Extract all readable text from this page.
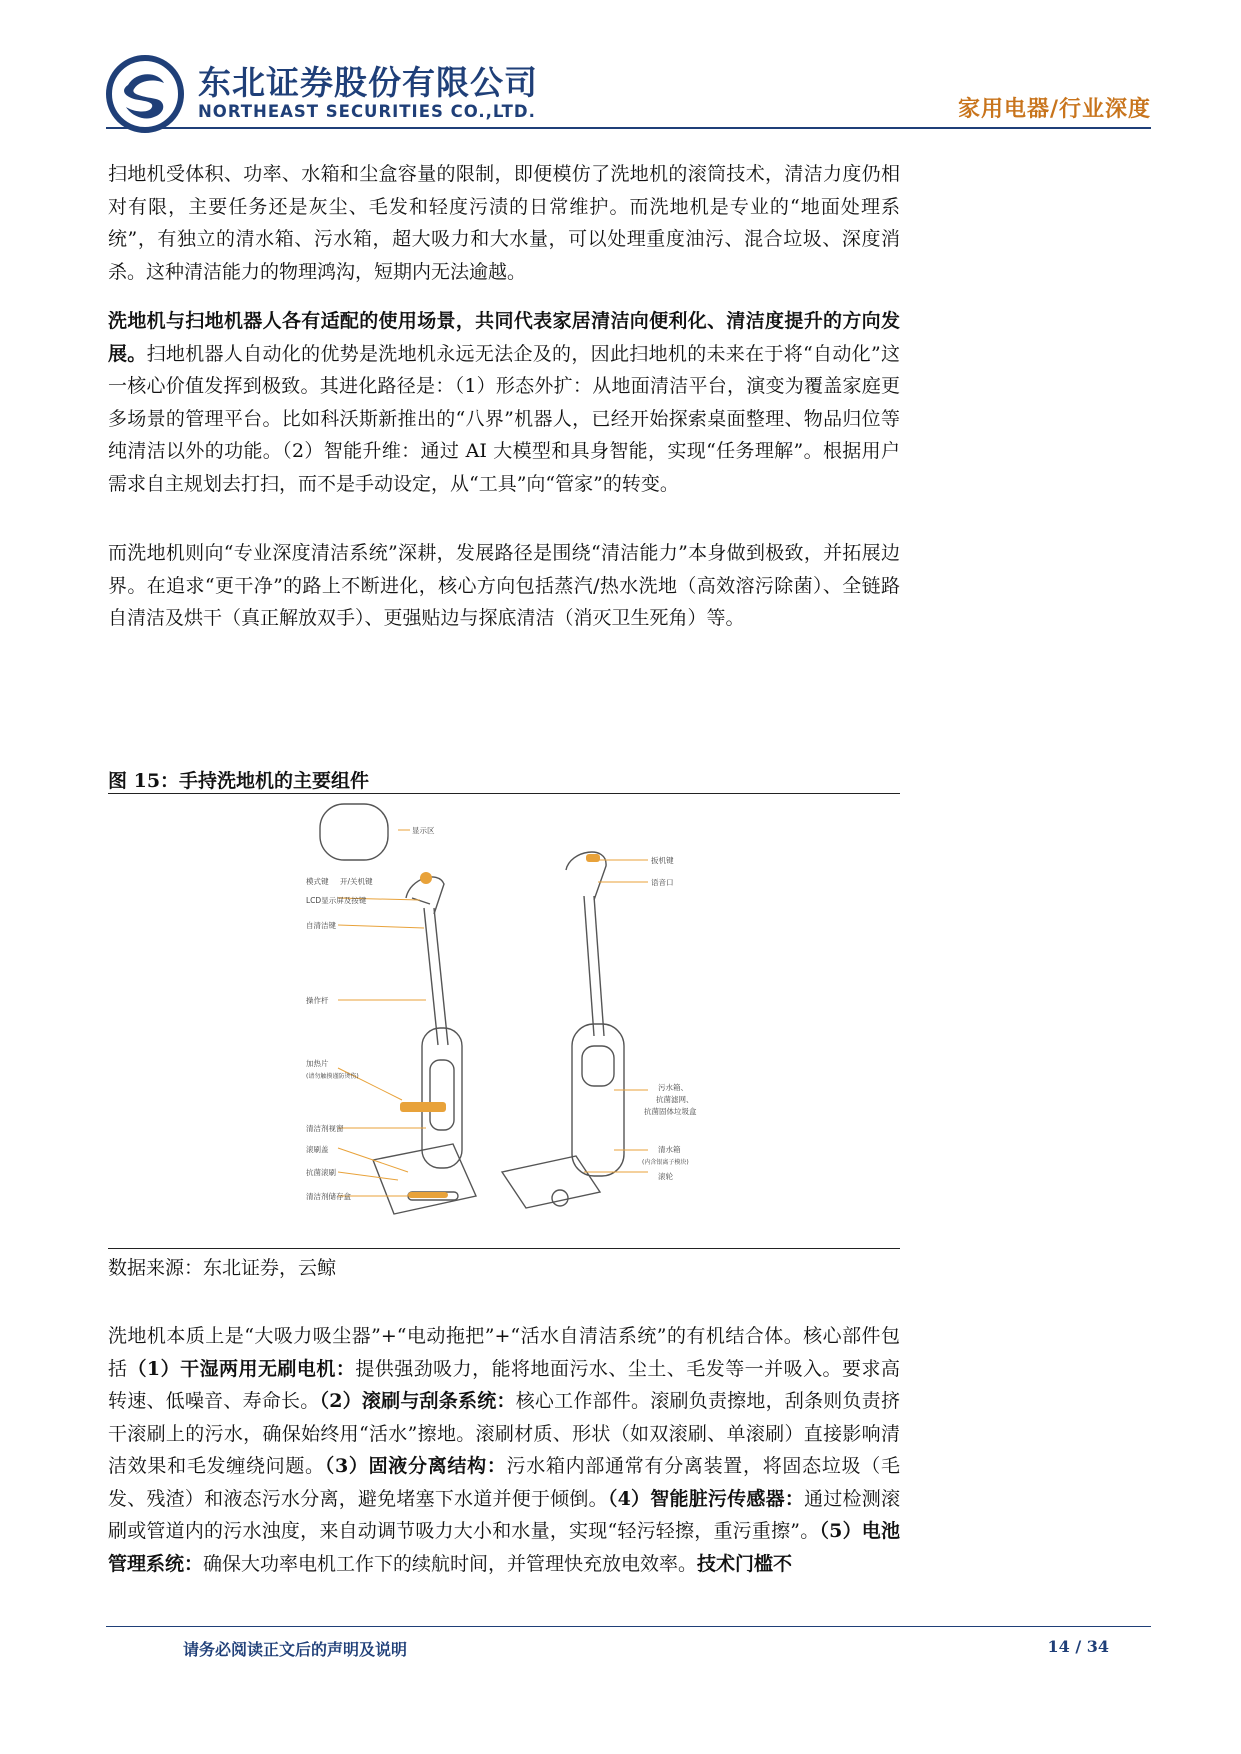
东北证券股份有限公司
NORTHEAST SECURITIES CO.,LTD.	家用电器/行业深度

扫地机受体积、功率、水箱和尘盒容量的限制，即便模仿了洗地机的滚筒技术，清洁力度仍相对有限，主要任务还是灰尘、毛发和轻度污渍的日常维护。而洗地机是专业的“地面处理系统”，有独立的清水箱、污水箱，超大吸力和大水量，可以处理重度油污、混合垃圾、深度消杀。这种清洁能力的物理鸿沟，短期内无法逾越。

洗地机与扫地机器人各有适配的使用场景，共同代表家居清洁向便利化、清洁度提升的方向发展。扫地机器人自动化的优势是洗地机永远无法企及的，因此扫地机的未来在于将“自动化”这一核心价值发挥到极致。其进化路径是：（1）形态外扩：从地面清洁平台，演变为覆盖家庭更多场景的管理平台。比如科沃斯新推出的“八界”机器人，已经开始探索桌面整理、物品归位等纯清洁以外的功能。（2）智能升维：通过 AI 大模型和具身智能，实现“任务理解”。根据用户需求自主规划去打扫，而不是手动设定，从“工具”向“管家”的转变。

而洗地机则向“专业深度清洁系统”深耕，发展路径是围绕“清洁能力”本身做到极致，并拓展边界。在追求“更干净”的路上不断进化，核心方向包括蒸汽/热水洗地（高效溶污除菌）、全链路自清洁及烘干（真正解放双手）、更强贴边与探底清洁（消灭卫生死角）等。

图 15：手持洗地机的主要组件

显示区
模式键 开/关机键
LCD显示屏及按键
自清洁键
操作杆
加热片
(请勿触摸谨防烫伤)
清洁剂视窗
滚刷盖
抗菌滚刷
清洁剂储存盒
扳机键
语音口
污水箱、
抗菌滤网、
抗菌固体垃圾盒
清水箱
(内含银离子模块)
滚轮

数据来源：东北证券，云鲸

洗地机本质上是“大吸力吸尘器”+“电动拖把”+“活水自清洁系统”的有机结合体。核心部件包括（1）干湿两用无刷电机：提供强劲吸力，能将地面污水、尘土、毛发等一并吸入。要求高转速、低噪音、寿命长。（2）滚刷与刮条系统：核心工作部件。滚刷负责擦地，刮条则负责挤干滚刷上的污水，确保始终用“活水”擦地。滚刷材质、形状（如双滚刷、单滚刷）直接影响清洁效果和毛发缠绕问题。（3）固液分离结构：污水箱内部通常有分离装置，将固态垃圾（毛发、残渣）和液态污水分离，避免堵塞下水道并便于倾倒。（4）智能脏污传感器：通过检测滚刷或管道内的污水浊度，来自动调节吸力大小和水量，实现“轻污轻擦，重污重擦”。（5）电池管理系统：确保大功率电机工作下的续航时间，并管理快充放电效率。技术门槛不

请务必阅读正文后的声明及说明	14 / 34
